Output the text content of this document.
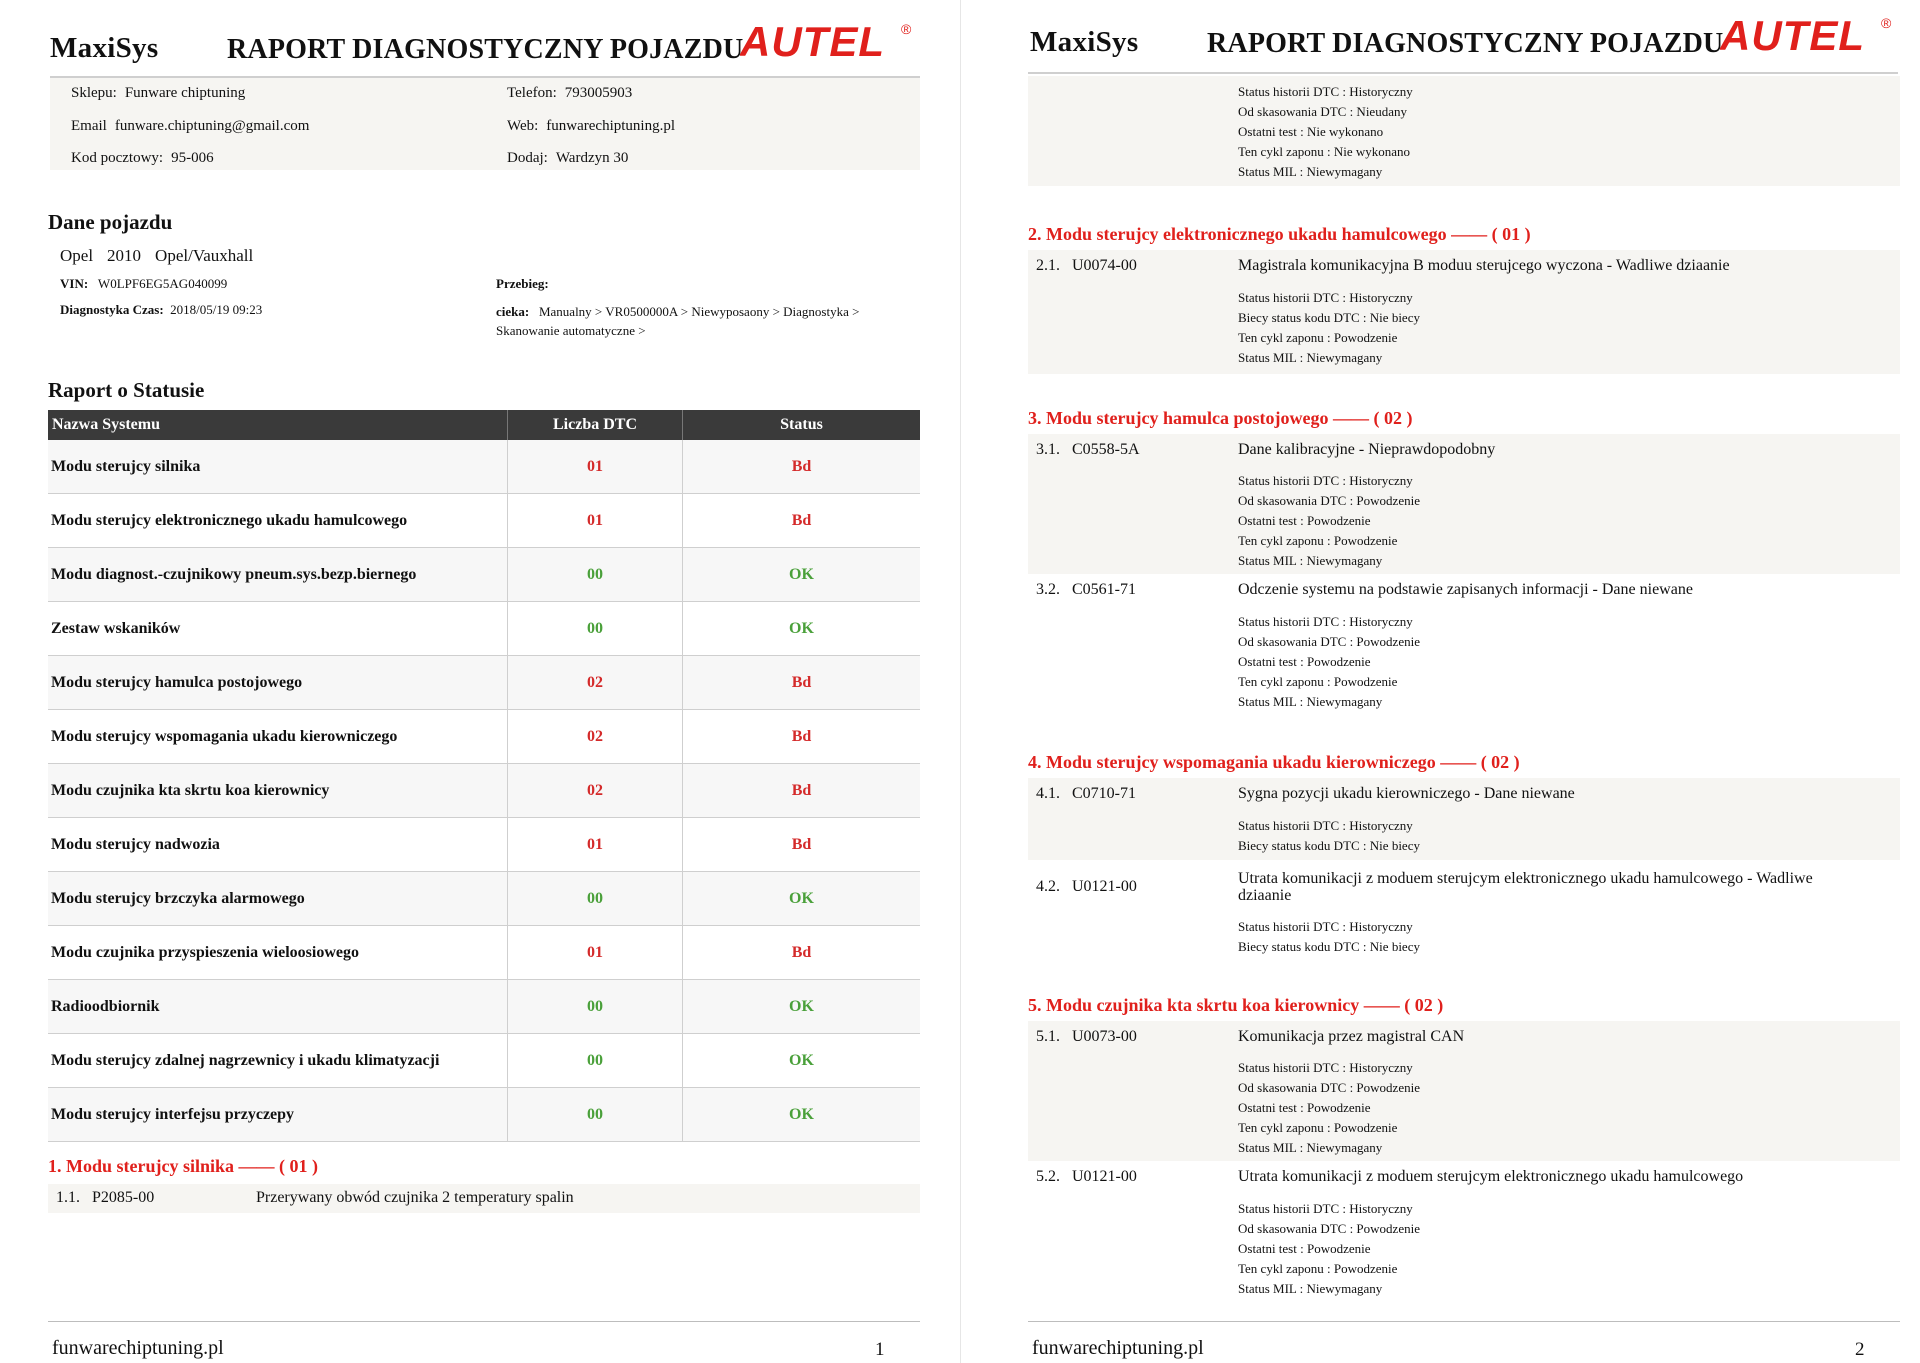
MaxiSys RAPORT DIAGNOSTYCZNY POJAZDU
AUTEL ®
Sklepu: Funware chiptuning	Telefon: 793005903
Email funware.chiptuning@gmail.com	Web: funwarechiptuning.pl
Kod pocztowy: 95-006	Dodaj: Wardzyn 30
Dane pojazdu
Opel 2010 Opel/Vauxhall
VIN: W0LPF6EG5AG040099	Przebieg:
Diagnostyka Czas: 2018/05/19 09:23	cieka: Manualny > VR0500000A > Niewyposaony > Diagnostyka >
Skanowanie automatyczne >
Raport o Statusie
Nazwa Systemu	Liczba DTC	Status
Modu sterujcy silnika	01	Bd
Modu sterujcy elektronicznego ukadu hamulcowego	01	Bd
Modu diagnost.-czujnikowy pneum.sys.bezp.biernego	00	OK
Zestaw wskaników	00	OK
Modu sterujcy hamulca postojowego	02	Bd
Modu sterujcy wspomagania ukadu kierowniczego	02	Bd
Modu czujnika kta skrtu koa kierownicy	02	Bd
Modu sterujcy nadwozia	01	Bd
Modu sterujcy brzczyka alarmowego	00	OK
Modu czujnika przyspieszenia wieloosiowego	01	Bd
Radioodbiornik	00	OK
Modu sterujcy zdalnej nagrzewnicy i ukadu klimatyzacji	00	OK
Modu sterujcy interfejsu przyczepy	00	OK
1. Modu sterujcy silnika —— ( 01 )
1.1. P2085-00	Przerywany obwód czujnika 2 temperatury spalin
funwarechiptuning.pl	1
MaxiSys RAPORT DIAGNOSTYCZNY POJAZDU
AUTEL ®
Status historii DTC : Historyczny
Od skasowania DTC : Nieudany
Ostatni test : Nie wykonano
Ten cykl zaponu : Nie wykonano
Status MIL : Niewymagany
2. Modu sterujcy elektronicznego ukadu hamulcowego —— ( 01 )
2.1. U0074-00	Magistrala komunikacyjna B moduu sterujcego wyczona - Wadliwe dziaanie
Status historii DTC : Historyczny
Biecy status kodu DTC : Nie biecy
Ten cykl zaponu : Powodzenie
Status MIL : Niewymagany
3. Modu sterujcy hamulca postojowego —— ( 02 )
3.1. C0558-5A	Dane kalibracyjne - Nieprawdopodobny
Status historii DTC : Historyczny
Od skasowania DTC : Powodzenie
Ostatni test : Powodzenie
Ten cykl zaponu : Powodzenie
Status MIL : Niewymagany
3.2. C0561-71	Odczenie systemu na podstawie zapisanych informacji - Dane niewane
Status historii DTC : Historyczny
Od skasowania DTC : Powodzenie
Ostatni test : Powodzenie
Ten cykl zaponu : Powodzenie
Status MIL : Niewymagany
4. Modu sterujcy wspomagania ukadu kierowniczego —— ( 02 )
4.1. C0710-71	Sygna pozycji ukadu kierowniczego - Dane niewane
Status historii DTC : Historyczny
Biecy status kodu DTC : Nie biecy
4.2. U0121-00	Utrata komunikacji z moduem sterujcym elektronicznego ukadu hamulcowego - Wadliwe
dziaanie
Status historii DTC : Historyczny
Biecy status kodu DTC : Nie biecy
5. Modu czujnika kta skrtu koa kierownicy —— ( 02 )
5.1. U0073-00	Komunikacja przez magistral CAN
Status historii DTC : Historyczny
Od skasowania DTC : Powodzenie
Ostatni test : Powodzenie
Ten cykl zaponu : Powodzenie
Status MIL : Niewymagany
5.2. U0121-00	Utrata komunikacji z moduem sterujcym elektronicznego ukadu hamulcowego
Status historii DTC : Historyczny
Od skasowania DTC : Powodzenie
Ostatni test : Powodzenie
Ten cykl zaponu : Powodzenie
Status MIL : Niewymagany
funwarechiptuning.pl	2
